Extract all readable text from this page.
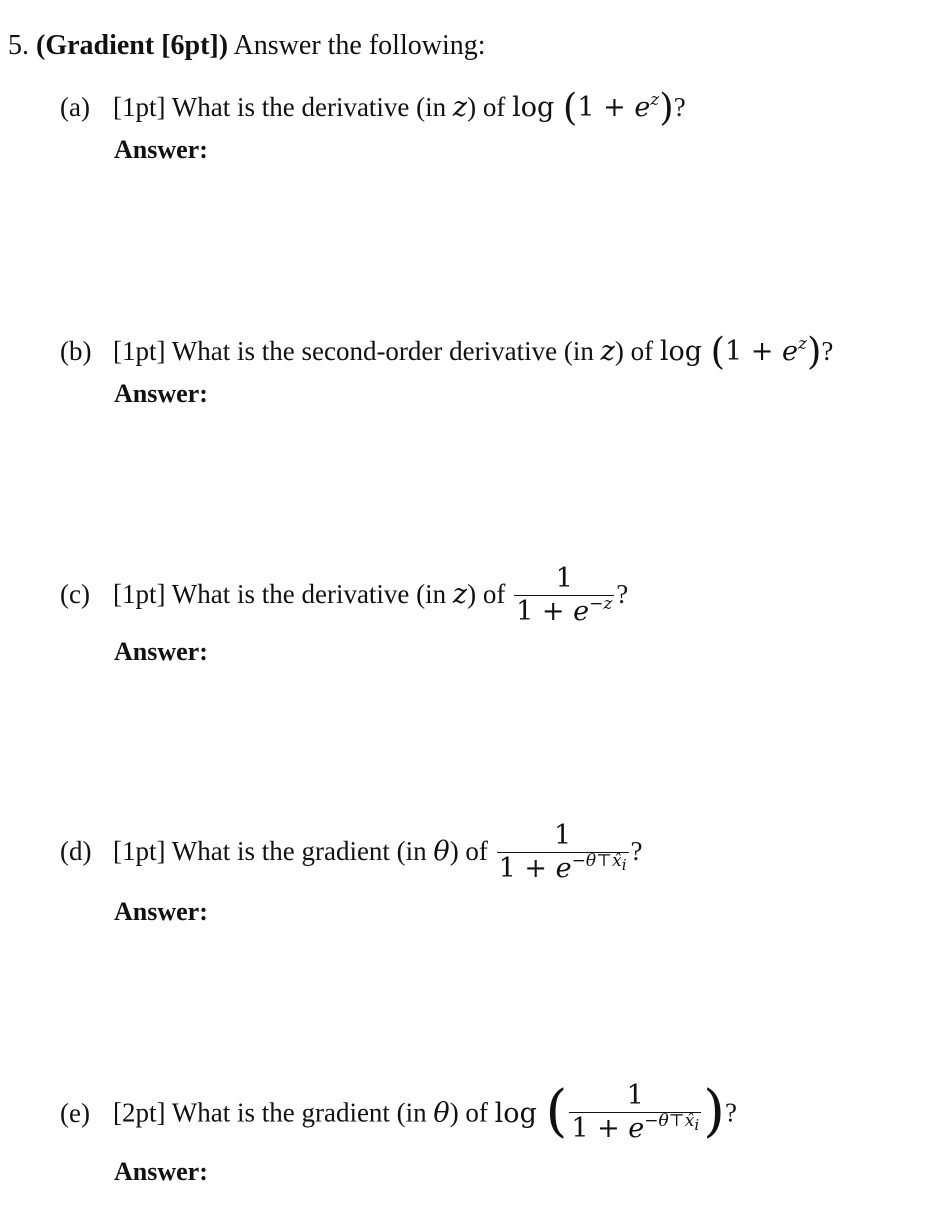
5. (Gradient [6pt]) Answer the following:
(a) [1pt] What is the derivative (in z) of $\log (1 + e^z)$?
Answer:
(b) [1pt] What is the second-order derivative (in z) of $\log (1 + e^z)$?
Answer:
(c) [1pt] What is the derivative (in z) of $\frac{1}{1 + e^{-z}}$ ?
Answer:
(d) [1pt] What is the gradient (in θ) of $\frac{1}{1 + e^{-\theta⊤x̂_i}}$ ?
Answer:
(e) [2pt] What is the gradient (in θ) of log ( $\frac{1}{1 + e^{-\theta⊤x̂_i}}$ )?
Answer:
